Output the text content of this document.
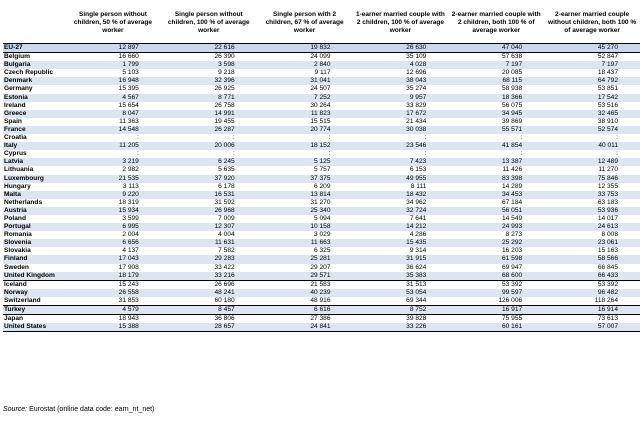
	Single person without children, 50 % of average worker	Single person without children, 100 % of average worker	Single person with 2 children, 67 % of average worker	1-earner married couple with 2 children, 100 % of average worker	2-earner married couple with 2 children, both 100 % of average worker	2-earner married couple without children, both 100 % of average worker
EU-27	12 897	22 616	19 832	26 630	47 040	45 270
Belgium	16 660	26 390	24 099	35 109	57 638	52 847
Bulgaria	1 799	3 598	2 840	4 028	7 197	7 197
Czech Republic	5 103	9 218	9 117	12 696	20 085	18 437
Denmark	16 948	32 396	31 041	38 043	68 115	64 792
Germany	15 395	26 925	24 507	35 274	58 938	53 851
Estonia	4 567	8 771	7 252	9 957	18 366	17 542
Ireland	15 654	26 758	30 264	33 829	56 075	53 516
Greece	8 047	14 991	11 823	17 672	34 945	32 465
Spain	11 363	19 455	15 515	21 434	39 869	38 910
France	14 548	26 287	20 774	30 038	55 571	52 574
Croatia	:	:	:	:	:	:
Italy	11 205	20 006	18 152	23 546	41 854	40 011
Cyprus	:	:	:	:	:	:
Latvia	3 219	6 245	5 125	7 423	13 387	12 489
Lithuania	2 982	5 635	5 757	6 153	11 426	11 270
Luxembourg	21 535	37 920	37 375	49 955	83 398	75 846
Hungary	3 113	6 178	6 209	8 111	14 289	12 355
Malta	9 220	16 531	13 814	18 432	34 453	33 753
Netherlands	18 319	31 592	31 270	34 962	67 184	63 183
Austria	15 934	26 968	25 340	32 724	56 051	53 936
Poland	3 599	7 009	5 094	7 641	14 549	14 017
Portugal	6 995	12 307	10 158	14 212	24 993	24 613
Romania	2 004	4 004	3 029	4 286	8 273	8 008
Slovenia	6 656	11 631	11 663	15 435	25 292	23 061
Slovakia	4 137	7 582	6 325	9 314	16 203	15 163
Finland	17 043	29 283	25 281	31 915	61 598	58 566
Sweden	17 908	33 422	29 207	36 624	69 947	66 845
United Kingdom	18 179	33 216	29 571	35 383	68 600	66 433
Iceland	15 243	26 696	21 583	31 513	53 392	53 392
Norway	26 558	48 241	40 239	53 054	99 597	96 482
Switzerland	31 853	60 180	48 916	69 344	126 006	118 264
Turkey	4 579	8 457	6 616	8 752	16 917	16 914
Japan	18 943	36 806	27 386	39 828	75 955	73 613
United States	15 388	28 657	24 841	33 226	60 161	57 007
Source: Eurostat (online data code: earn_nt_net)
